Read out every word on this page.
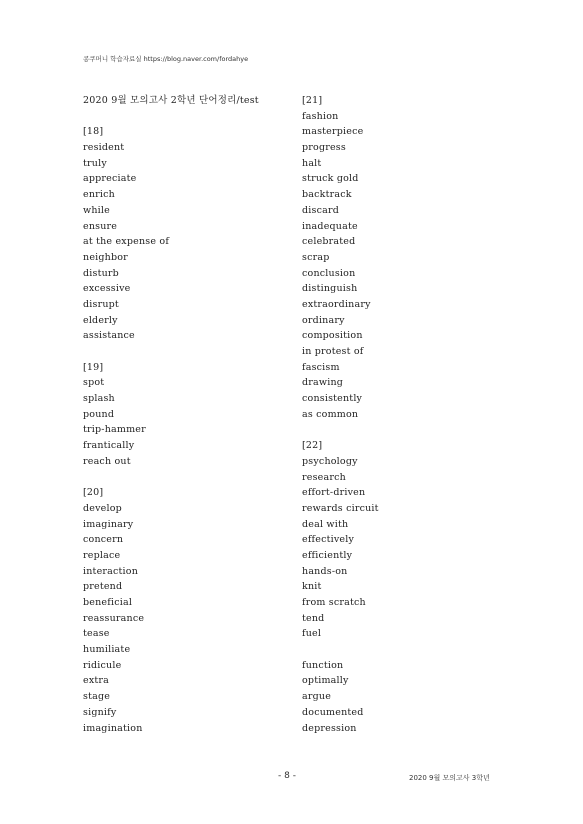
콩쿠머니 학습자료실 https://blog.naver.com/fordahye
2020 9월 모의고사 2학년 단어정리/test
[18]
resident
truly
appreciate
enrich
while
ensure
at the expense of
neighbor
disturb
excessive
disrupt
elderly
assistance
[19]
spot
splash
pound
trip-hammer
frantically
reach out
[20]
develop
imaginary
concern
replace
interaction
pretend
beneficial
reassurance
tease
humiliate
ridicule
extra
stage
signify
imagination
[21]
fashion
masterpiece
progress
halt
struck gold
backtrack
discard
inadequate
celebrated
scrap
conclusion
distinguish
extraordinary
ordinary
composition
in protest of
fascism
drawing
consistently
as common
[22]
psychology
research
effort-driven
rewards circuit
deal with
effectively
efficiently
hands-on
knit
from scratch
tend
fuel
function
optimally
argue
documented
depression
- 8 -	2020 9월 모의고사 3학년
